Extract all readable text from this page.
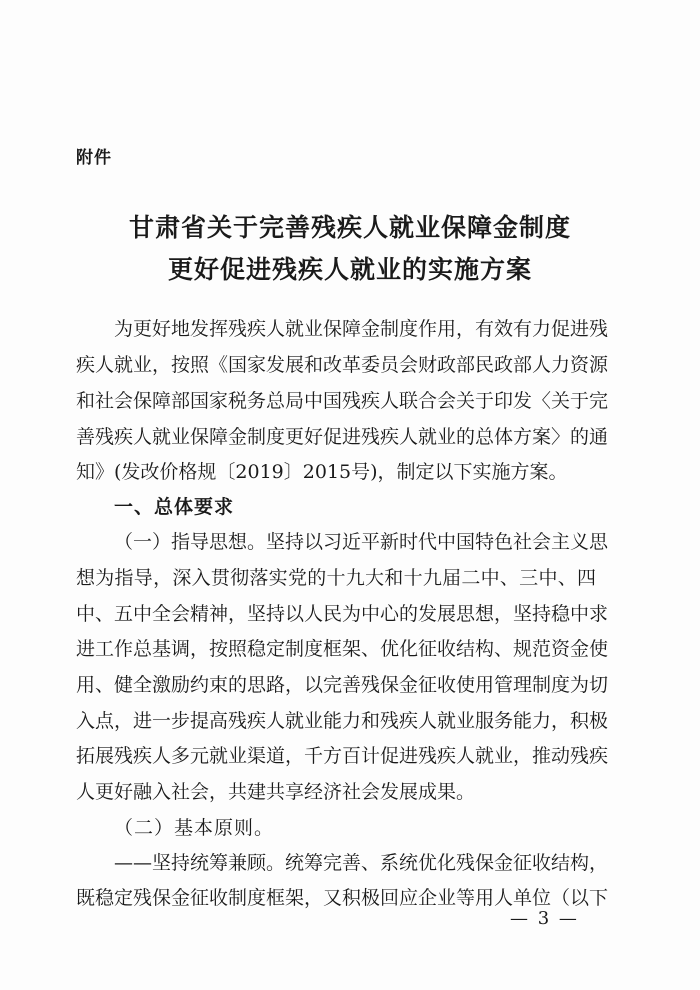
附件
甘肃省关于完善残疾人就业保障金制度
更好促进残疾人就业的实施方案
为更好地发挥残疾人就业保障金制度作用，有效有力促进残
疾人就业，按照《国家发展和改革委员会财政部民政部人力资源
和社会保障部国家税务总局中国残疾人联合会关于印发〈关于完
善残疾人就业保障金制度更好促进残疾人就业的总体方案〉的通
知》(发改价格规〔2019〕2015号)，制定以下实施方案。
一、总体要求
（一）指导思想。坚持以习近平新时代中国特色社会主义思
想为指导，深入贯彻落实党的十九大和十九届二中、三中、四
中、五中全会精神，坚持以人民为中心的发展思想，坚持稳中求
进工作总基调，按照稳定制度框架、优化征收结构、规范资金使
用、健全激励约束的思路，以完善残保金征收使用管理制度为切
入点，进一步提高残疾人就业能力和残疾人就业服务能力，积极
拓展残疾人多元就业渠道，千方百计促进残疾人就业，推动残疾
人更好融入社会，共建共享经济社会发展成果。
（二）基本原则。
——坚持统筹兼顾。统筹完善、系统优化残保金征收结构，
既稳定残保金征收制度框架，又积极回应企业等用人单位（以下
— 3 —
